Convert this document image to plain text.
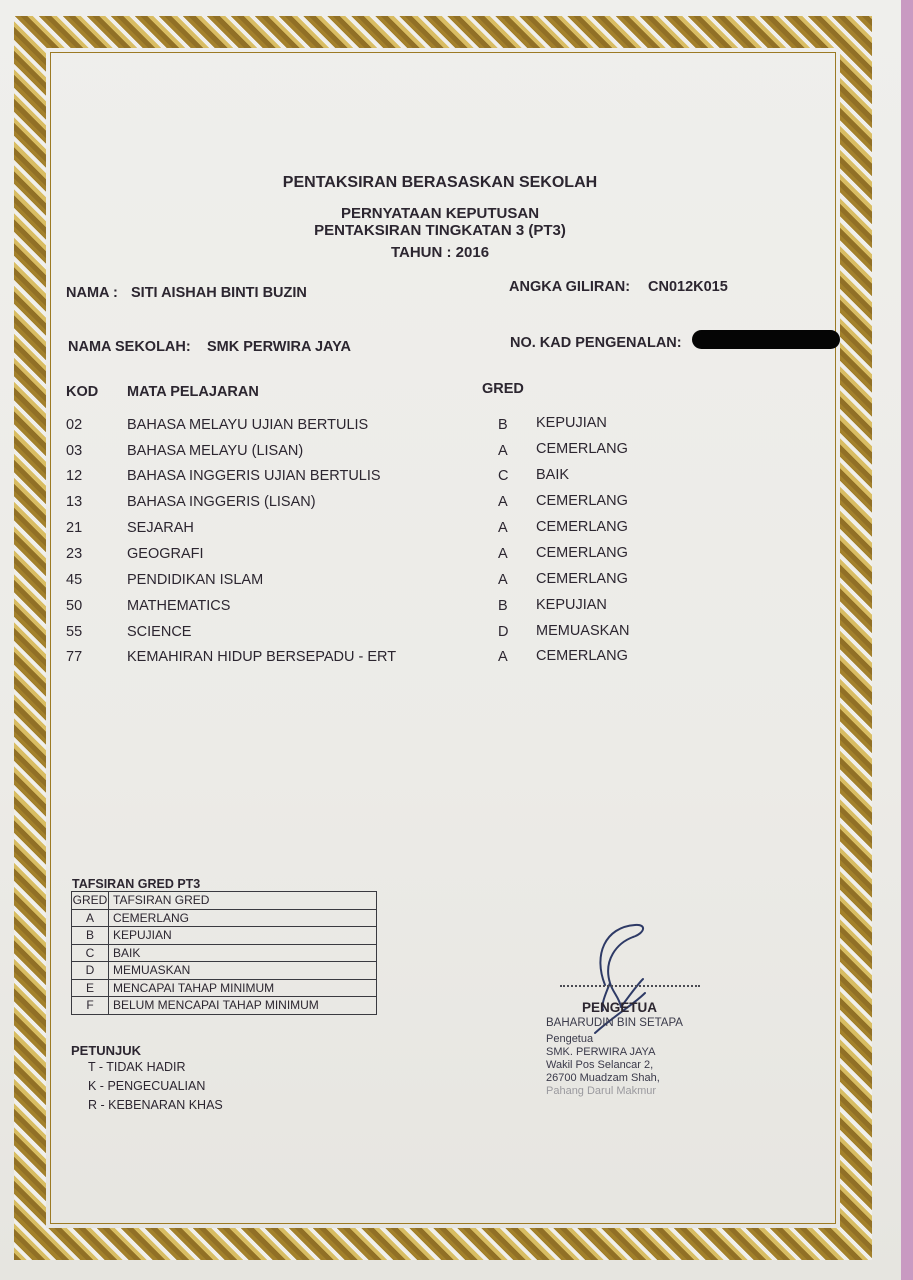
PENTAKSIRAN BERASASKAN SEKOLAH
PERNYATAAN KEPUTUSAN
PENTAKSIRAN TINGKATAN 3 (PT3)
TAHUN : 2016
NAMA : SITI AISHAH BINTI BUZIN	ANGKA GILIRAN: CN012K015
NAMA SEKOLAH: SMK PERWIRA JAYA	NO. KAD PENGENALAN:
KOD MATA PELAJARAN	GRED
02	BAHASA MELAYU UJIAN BERTULIS	B KEPUJIAN
03	BAHASA MELAYU (LISAN)	A CEMERLANG
12	BAHASA INGGERIS UJIAN BERTULIS	C BAIK
13	BAHASA INGGERIS (LISAN)	A CEMERLANG
21	SEJARAH	A CEMERLANG
23	GEOGRAFI	A CEMERLANG
45	PENDIDIKAN ISLAM	A CEMERLANG
50	MATHEMATICS	B KEPUJIAN
55	SCIENCE	D MEMUASKAN
77	KEMAHIRAN HIDUP BERSEPADU - ERT	A CEMERLANG
TAFSIRAN GRED PT3
GRED	TAFSIRAN GRED
A	CEMERLANG
B	KEPUJIAN
C	BAIK
D	MEMUASKAN
E	MENCAPAI TAHAP MINIMUM
F	BELUM MENCAPAI TAHAP MINIMUM
PETUNJUK
T - TIDAK HADIR
K - PENGECUALIAN
R - KEBENARAN KHAS
PENGETUA
BAHARUDIN BIN SETAPA
Pengetua
SMK. PERWIRA JAYA
Wakil Pos Selancar 2,
26700 Muadzam Shah,
Pahang Darul Makmur
